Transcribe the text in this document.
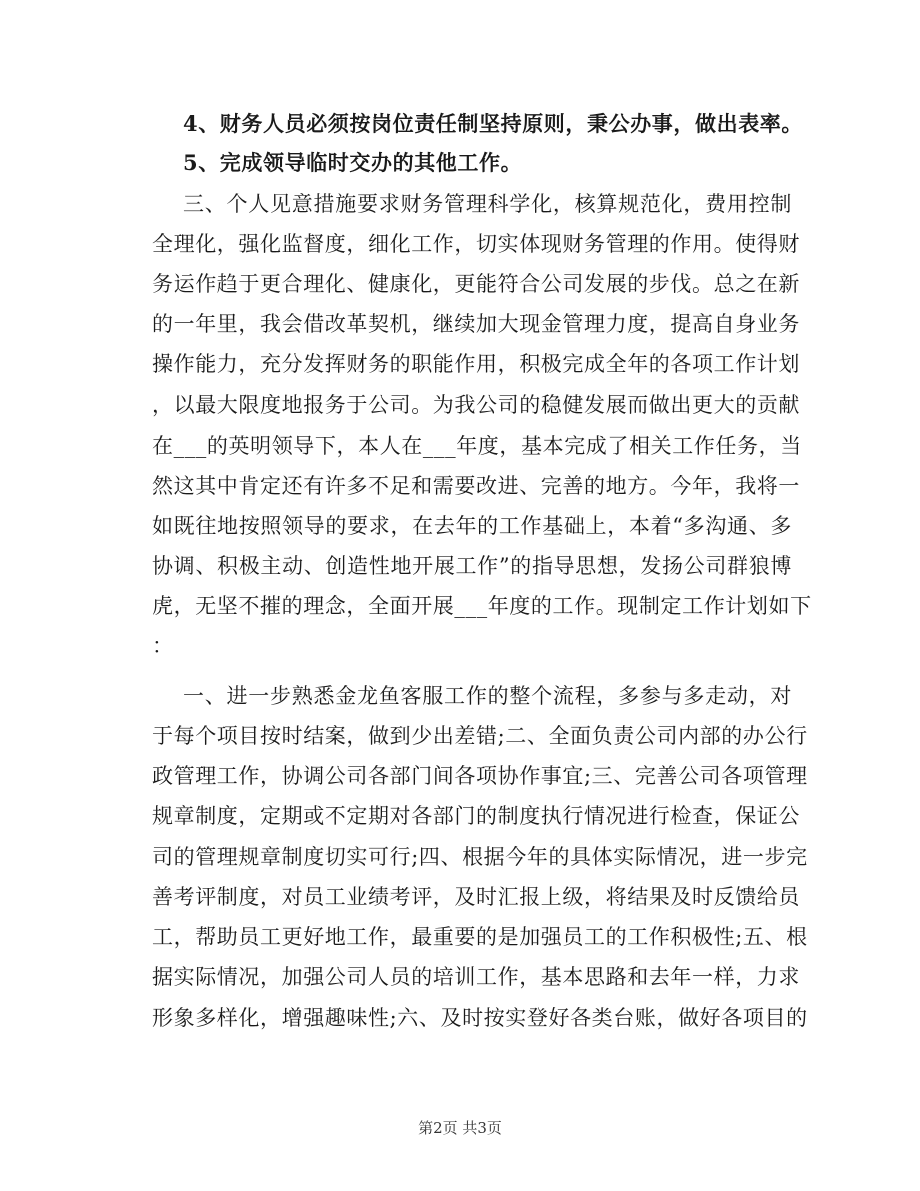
4、财务人员必须按岗位责任制坚持原则，秉公办事，做出表率。
5、完成领导临时交办的其他工作。
三、个人见意措施要求财务管理科学化，核算规范化，费用控制
全理化，强化监督度，细化工作，切实体现财务管理的作用。使得财
务运作趋于更合理化、健康化，更能符合公司发展的步伐。总之在新
的一年里，我会借改革契机，继续加大现金管理力度，提高自身业务
操作能力，充分发挥财务的职能作用，积极完成全年的各项工作计划
，以最大限度地报务于公司。为我公司的稳健发展而做出更大的贡献
在___的英明领导下，本人在___年度，基本完成了相关工作任务，当
然这其中肯定还有许多不足和需要改进、完善的地方。今年，我将一
如既往地按照领导的要求，在去年的工作基础上，本着“多沟通、多
协调、积极主动、创造性地开展工作”的指导思想，发扬公司群狼博
虎，无坚不摧的理念，全面开展___年度的工作。现制定工作计划如下
：
一、进一步熟悉金龙鱼客服工作的整个流程，多参与多走动，对
于每个项目按时结案，做到少出差错;二、全面负责公司内部的办公行
政管理工作，协调公司各部门间各项协作事宜;三、完善公司各项管理
规章制度，定期或不定期对各部门的制度执行情况进行检查，保证公
司的管理规章制度切实可行;四、根据今年的具体实际情况，进一步完
善考评制度，对员工业绩考评，及时汇报上级，将结果及时反馈给员
工，帮助员工更好地工作，最重要的是加强员工的工作积极性;五、根
据实际情况，加强公司人员的培训工作，基本思路和去年一样，力求
形象多样化，增强趣味性;六、及时按实登好各类台账，做好各项目的
第2页 共3页
